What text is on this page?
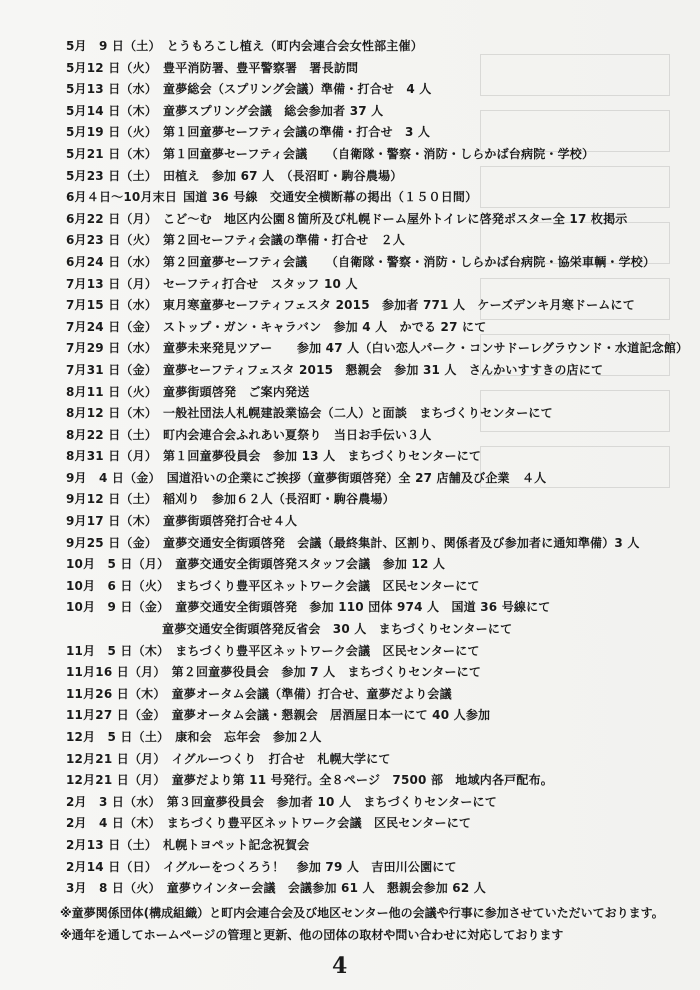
5月　9 日（土） とうもろこし植え（町内会連合会女性部主催）
5月12 日（火） 豊平消防署、豊平警察署　署長訪問
5月13 日（水） 童夢総会（スプリング会議）準備・打合せ　4 人
5月14 日（木） 童夢スプリング会議　総会参加者 37 人
5月19 日（火） 第１回童夢セーフティ会議の準備・打合せ　3 人
5月21 日（木） 第１回童夢セーフティ会議　　（自衛隊・警察・消防・しらかば台病院・学校）
5月23 日（土） 田植え　参加 67 人　（長沼町・駒谷農場）
6月４日～10月末日 国道 36 号線　交通安全横断幕の掲出（１５０日間）
6月22 日（月） こど～む　地区内公園８箇所及び札幌ドーム屋外トイレに啓発ポスター全 17 枚掲示
6月23 日（火） 第２回セーフティ会議の準備・打合せ　２人
6月24 日（水） 第２回童夢セーフティ会議　　（自衛隊・警察・消防・しらかば台病院・協栄車輌・学校）
7月13 日（月） セーフティ打合せ　スタッフ 10 人
7月15 日（水） 東月寒童夢セーフティフェスタ 2015　参加者 771 人　ケーズデンキ月寒ドームにて
7月24 日（金） ストップ・ガン・キャラバン　参加 4 人　かでる 27 にて
7月29 日（水） 童夢未来発見ツアー　　参加 47 人（白い恋人パーク・コンサドーレグラウンド・水道記念館）
7月31 日（金） 童夢セーフティフェスタ 2015　懇親会　参加 31 人　さんかいすすきの店にて
8月11 日（火） 童夢街頭啓発　ご案内発送
8月12 日（木） 一般社団法人札幌建設業協会（二人）と面談　まちづくりセンターにて
8月22 日（土） 町内会連合会ふれあい夏祭り　当日お手伝い３人
8月31 日（月） 第１回童夢役員会　参加 13 人　まちづくりセンターにて
9月　4 日（金） 国道沿いの企業にご挨拶（童夢街頭啓発）全 27 店舗及び企業　４人
9月12 日（土） 稲刈り　参加６２人（長沼町・駒谷農場）
9月17 日（木） 童夢街頭啓発打合せ４人
9月25 日（金） 童夢交通安全街頭啓発　会議（最終集計、区割り、関係者及び参加者に通知準備）3 人
10月　5 日（月） 童夢交通安全街頭啓発スタッフ会議　参加 12 人
10月　6 日（火） まちづくり豊平区ネットワーク会議　区民センターにて
10月　9 日（金） 童夢交通安全街頭啓発　参加 110 団体 974 人　国道 36 号線にて
童夢交通安全街頭啓発反省会　30 人　まちづくりセンターにて
11月　5 日（木） まちづくり豊平区ネットワーク会議　区民センターにて
11月16 日（月） 第２回童夢役員会　参加 7 人　まちづくりセンターにて
11月26 日（木） 童夢オータム会議（準備）打合せ、童夢だより会議
11月27 日（金） 童夢オータム会議・懇親会　居酒屋日本一にて 40 人参加
12月　5 日（土） 康和会　忘年会　参加２人
12月21 日（月） イグルーつくり　打合せ　札幌大学にて
12月21 日（月） 童夢だより第 11 号発行。全８ページ　7500 部　地域内各戸配布。
2月　3 日（水） 第３回童夢役員会　参加者 10 人　まちづくりセンターにて
2月　4 日（木） まちづくり豊平区ネットワーク会議　区民センターにて
2月13 日（土） 札幌トヨペット記念祝賀会
2月14 日（日） イグルーをつくろう！　参加 79 人　吉田川公園にて
3月　8 日（火） 童夢ウインター会議　会議参加 61 人　懇親会参加 62 人
※童夢関係団体(構成組織）と町内会連合会及び地区センター他の会議や行事に参加させていただいております。
※通年を通してホームページの管理と更新、他の団体の取材や問い合わせに対応しております
4
